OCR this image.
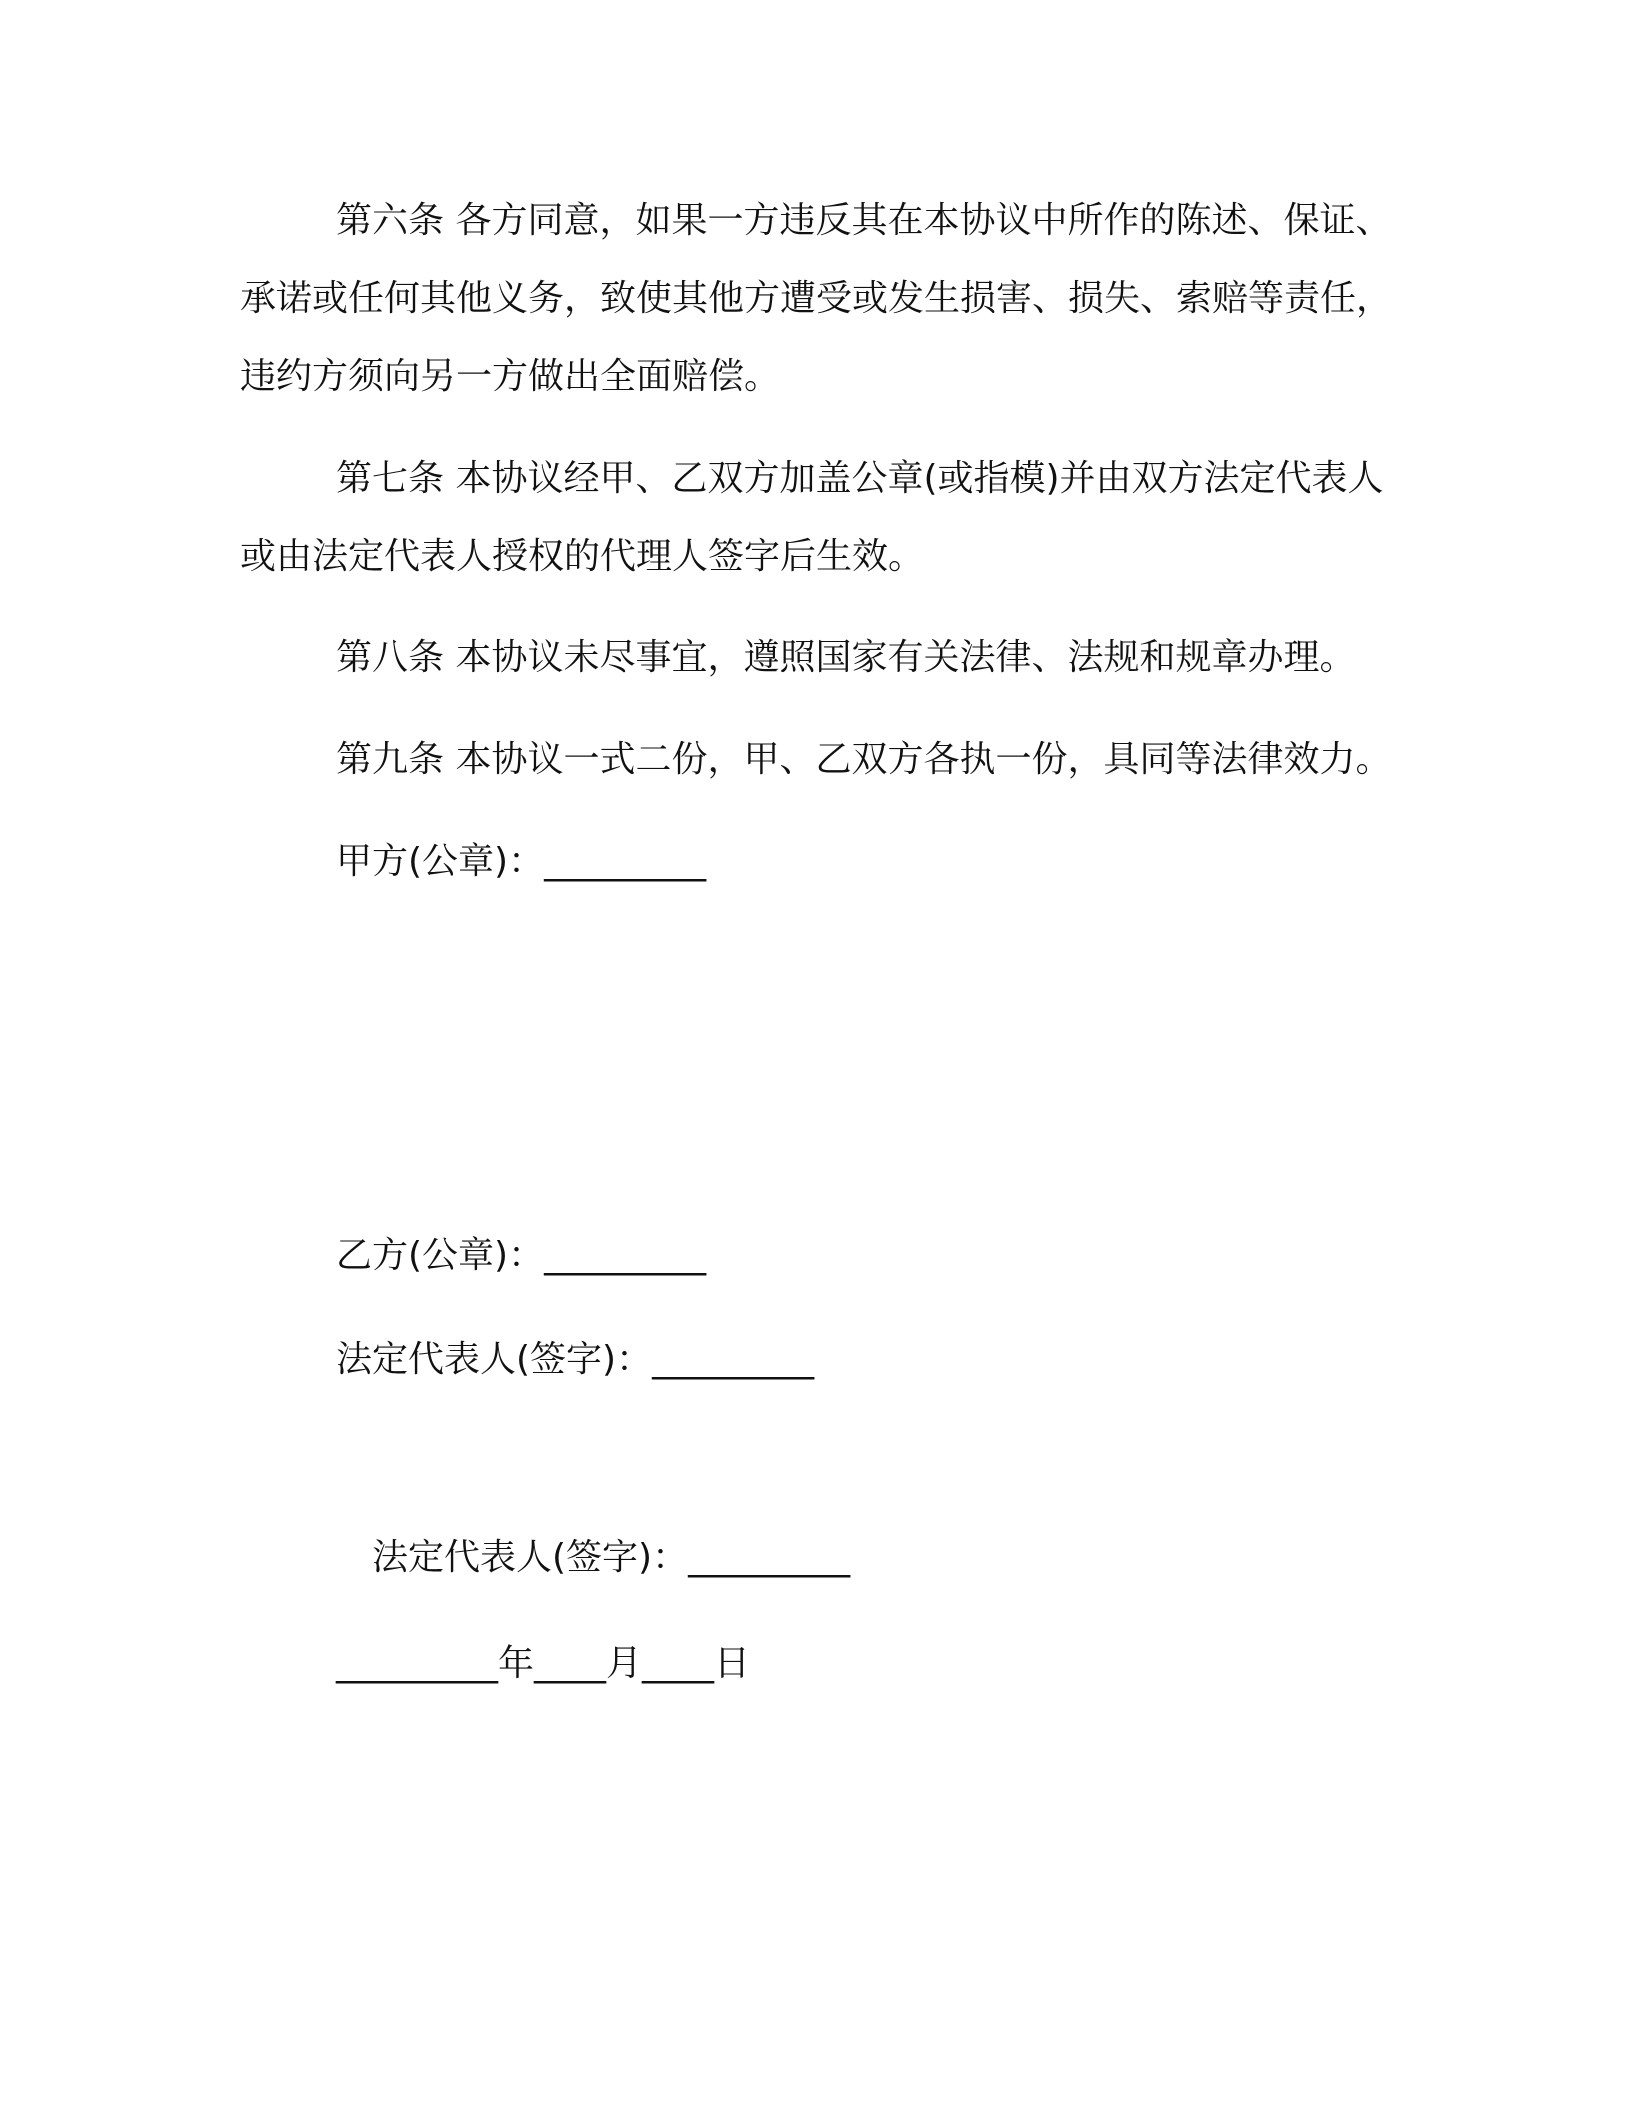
第六条 各方同意，如果一方违反其在本协议中所作的陈述、保证、承诺或任何其他义务，致使其他方遭受或发生损害、损失、索赔等责任，违约方须向另一方做出全面赔偿。

第七条 本协议经甲、乙双方加盖公章(或指模)并由双方法定代表人或由法定代表人授权的代理人签字后生效。

第八条 本协议未尽事宜，遵照国家有关法律、法规和规章办理。

第九条 本协议一式二份，甲、乙双方各执一份，具同等法律效力。

甲方(公章)：_________

乙方(公章)：_________

法定代表人(签字)：_________

法定代表人(签字)：_________

_________年____月____日
